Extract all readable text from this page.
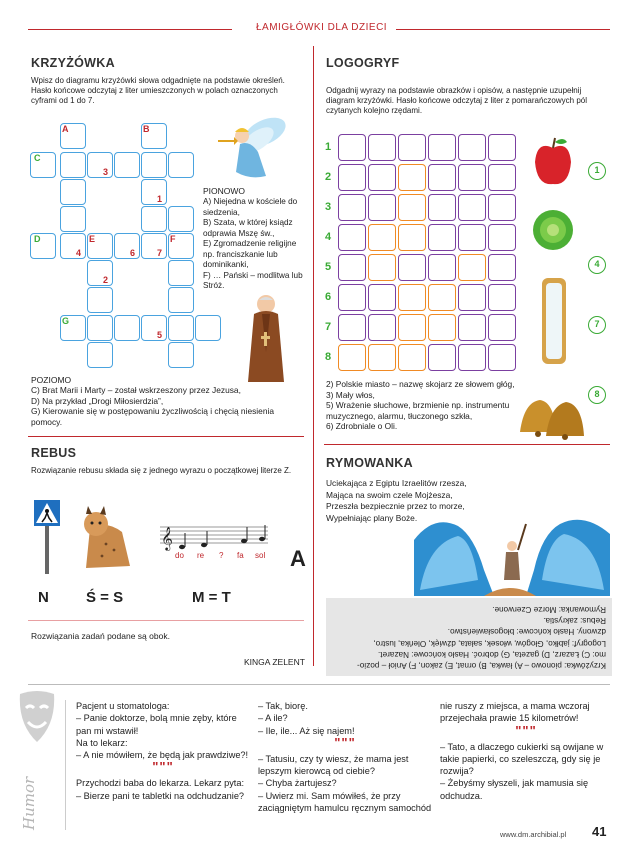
ŁAMIGŁÓWKI DLA DZIECI
KRZYŻÓWKA
Wpisz do diagramu krzyżówki słowa odgadnięte na podstawie określeń. Hasło końcowe odczytaj z liter umieszczonych w polach oznaczonych cyframi od 1 do 7.
A	B
C
D	E	F
G
1
2
3
4
5
6 7
PIONOWO
A) Niejedna w kościele do siedzenia,
B) Szata, w której ksiądz odprawia Mszę św.,
E) Zgromadzenie religijne np. franciszkanie lub dominikanki,
F) … Pański – modlitwa lub Stróż.
POZIOMO
C) Brat Marii i Marty – został wskrzeszony przez Jezusa,
D) Na przykład „Drogi Miłosierdzia”,
G) Kierowanie się w postępowaniu życzliwością i chęcią niesienia pomocy.
REBUS
Rozwiązanie rebusu składa się z jednego wyrazu o początkowej literze Z.
𝄞
do re ? fa sol A
N Ś = S	M = T
Rozwiązania zadań podane są obok.
KINGA ZELENT
LOGOGRYF
Odgadnij wyrazy na podstawie obrazków i opisów, a następnie uzupełnij diagram krzyżówki. Hasło końcowe odczytaj z liter z pomarańczowych pól czytanych kolejno rzędami.
1
2
3
4
5
6
7
8
1
4
7
8
2) Polskie miasto – nazwę skojarz ze słowem głóg,
3) Mały włos,
5) Wrażenie słuchowe, brzmienie np. instrumentu muzycznego, alarmu, tłuczonego szkła,
6) Zdrobniale o Oli.
RYMOWANKA
Uciekająca z Egiptu Izraelitów rzesza,
Mająca na swoim czele Mojżesza,
Przeszła bezpiecznie przez to morze,
Wypełniając plany Boże.
Krzyżówka: pionowo – A) ławka, B) ornat, E) zakon, F) Anioł – pozio-
mo: C) Łazarz, D) gazeta, G) dobroć. Hasło końcowe: Nazaret.
Logogryf: jabłko, Głogów, włosek, sałata, dźwięk, Oleńka, lustro,
dzwony. Hasło końcowe: błogosławieństwo.
Rebus: zakrystia.
Rymowanka: Morze Czerwone.
Humor
Pacjent u stomatologa:
– Panie doktorze, bolą mnie zęby, które pan mi wstawił!
Na to lekarz:
– A nie mówiłem, że będą jak prawdziwe?!
"""
Przychodzi baba do lekarza. Lekarz pyta:
– Bierze pani te tabletki na odchudzanie?
– Tak, biorę.
– A ile?
– Ile, ile... Aż się najem!
"""
– Tatusiu, czy ty wiesz, że mama jest lepszym kierowcą od ciebie?
– Chyba żartujesz?
– Uwierz mi. Sam mówiłeś, że przy zaciągniętym hamulcu ręcznym samochód
nie ruszy z miejsca, a mama wczoraj przejechała prawie 15 kilometrów!
"""
– Tato, a dlaczego cukierki są owijane w takie papierki, co szeleszczą, gdy się je rozwija?
– Żebyśmy słyszeli, jak mamusia się odchudza.
www.dm.archibial.pl 41
